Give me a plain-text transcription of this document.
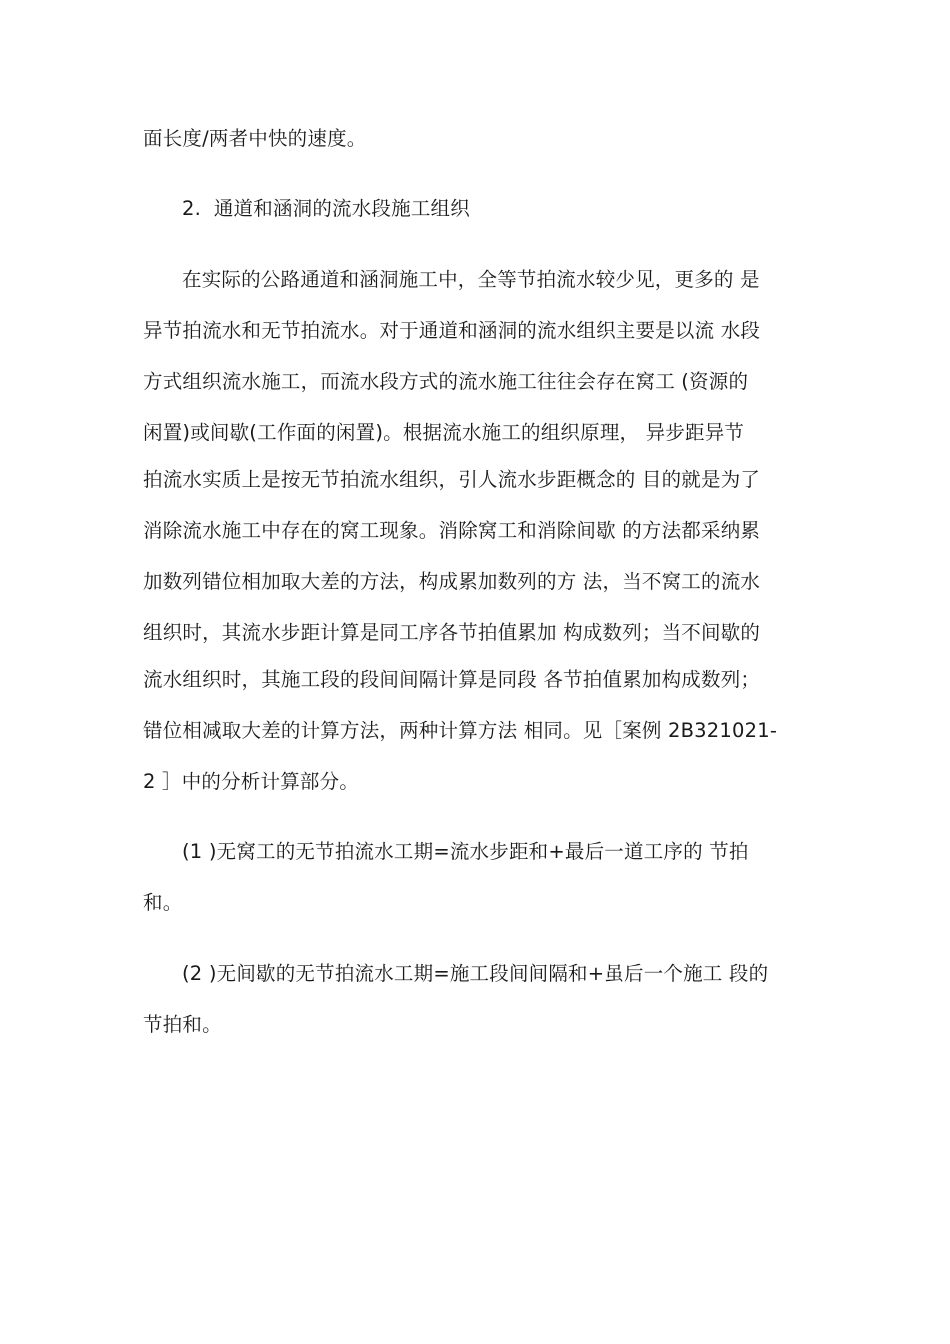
面长度/两者中快的速度。
2. 通道和涵洞的流水段施工组织
在实际的公路通道和涵洞施工中，全等节拍流水较少见，更多的 是
异节拍流水和无节拍流水。对于通道和涵洞的流水组织主要是以流 水段
方式组织流水施工，而流水段方式的流水施工往往会存在窝工 (资源的
闲置)或间歇(工作面的闲置)。根据流水施工的组织原理， 异步距异节
拍流水实质上是按无节拍流水组织，引人流水步距概念的 目的就是为了
消除流水施工中存在的窝工现象。消除窝工和消除间歇 的方法都采纳累
加数列错位相加取大差的方法，构成累加数列的方 法，当不窝工的流水
组织时，其流水步距计算是同工序各节拍值累加 构成数列；当不间歇的
流水组织时，其施工段的段间间隔计算是同段 各节拍值累加构成数列；
错位相减取大差的计算方法，两种计算方法 相同。见［案例 2B321021-
2 ］中的分析计算部分。
(1 )无窝工的无节拍流水工期=流水步距和+最后一道工序的 节拍
和。
(2 )无间歇的无节拍流水工期=施工段间间隔和+虽后一个施工 段的
节拍和。
